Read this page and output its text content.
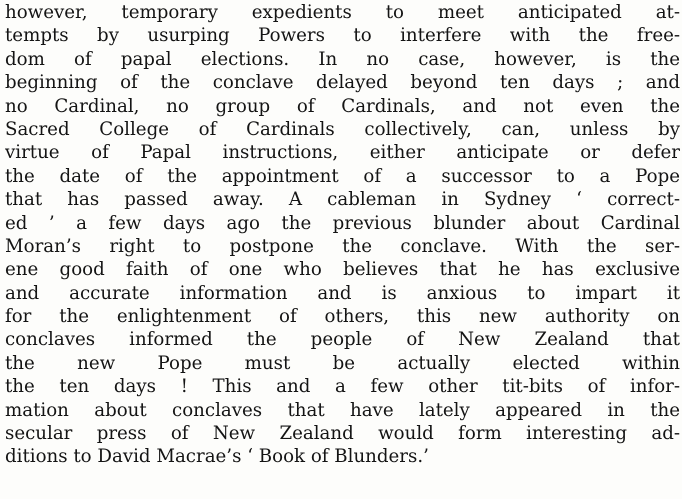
however, temporary expedients to meet anticipated at-
tempts by usurping Powers to interfere with the free-
dom of papal elections. In no case, however, is the
beginning of the conclave delayed beyond ten days ; and
no Cardinal, no group of Cardinals, and not even the
Sacred College of Cardinals collectively, can, unless by
virtue of Papal instructions, either anticipate or defer
the date of the appointment of a successor to a Pope
that has passed away. A cableman in Sydney ‘ correct-
ed ’ a few days ago the previous blunder about Cardinal
Moran’s right to postpone the conclave. With the ser-
ene good faith of one who believes that he has exclusive
and accurate information and is anxious to impart it
for the enlightenment of others, this new authority on
conclaves informed the people of New Zealand that
the new Pope must be actually elected within
the ten days ! This and a few other tit-bits of infor-
mation about conclaves that have lately appeared in the
secular press of New Zealand would form interesting ad-
ditions to David Macrae’s ‘ Book of Blunders.’
